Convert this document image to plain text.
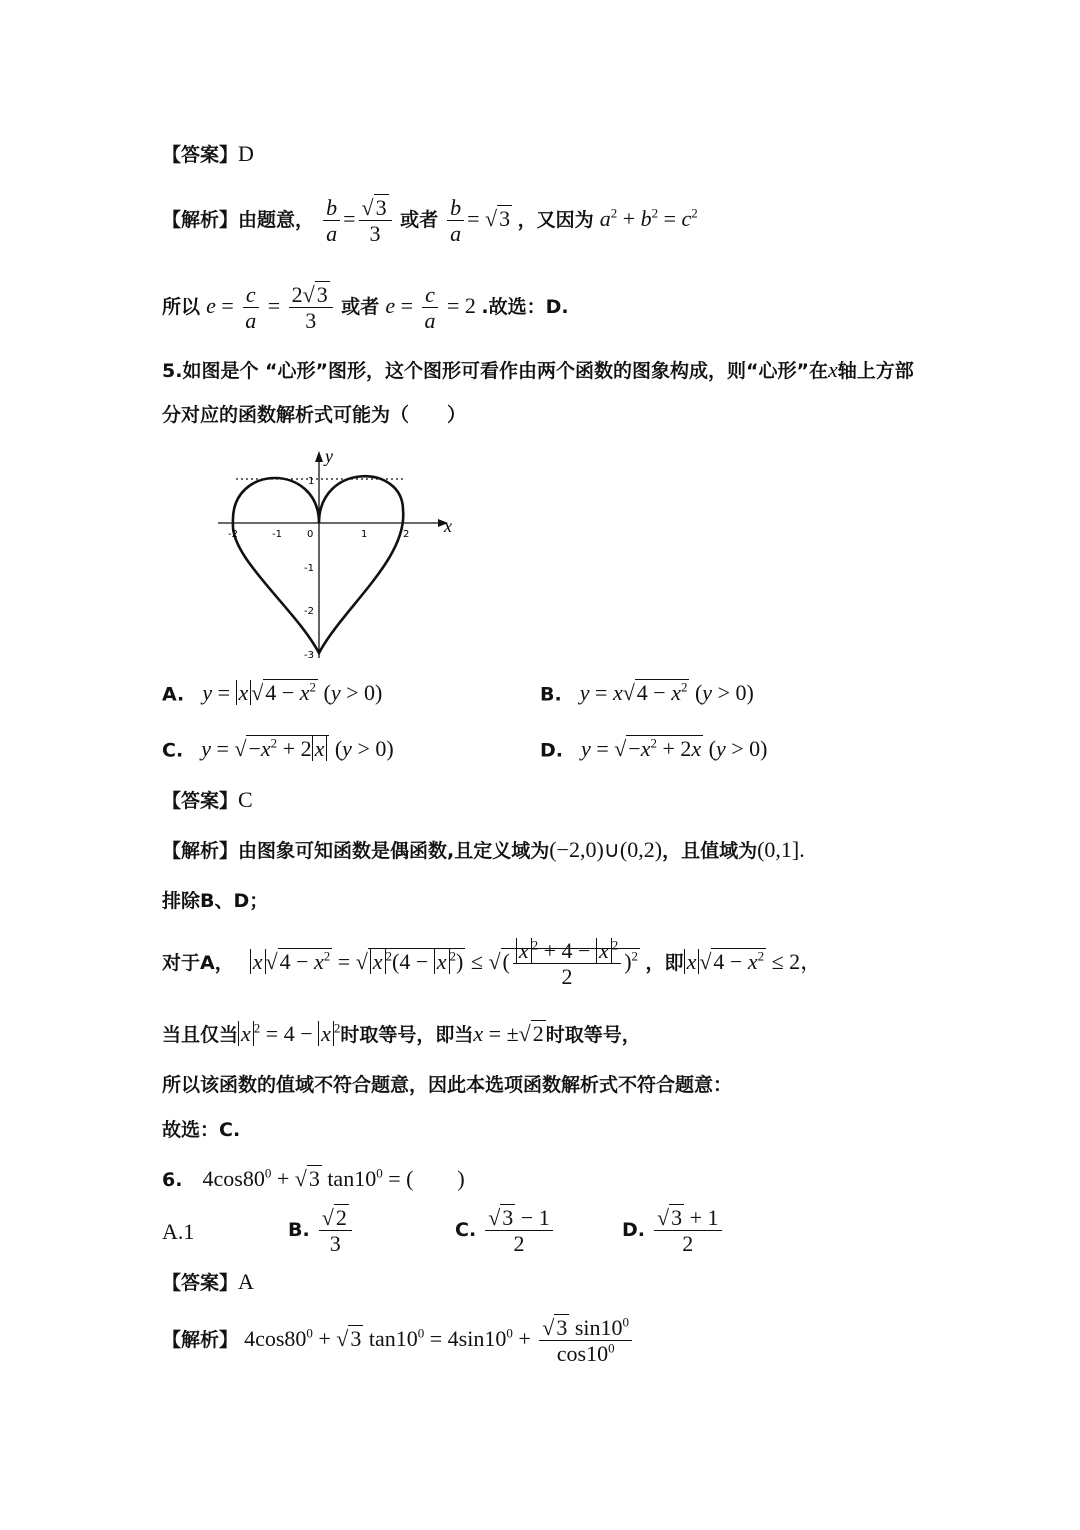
【答案】D
【解析】由题意， $\frac{b}{a} = \frac{√3}{3}$ 或者 $\frac{b}{a} = √3$ ，又因为 $a^2 + b^2 = c^2$
所以 $e = \frac{c}{a} = \frac{2√3}{3}$ 或者 $e = \frac{c}{a} = 2$ .故选：D.
5.如图是个 “心形”图形，这个图形可看作由两个函数的图象构成，则“心形”在x轴上方部
分对应的函数解析式可能为（　　）
x
y
-2	-1	0	1	2
1
-1
-2
-3
A. y = x $√4 - x^2$ (y > 0)	B. $y = x√4 - x^2$ (y > 0)
C. $y = √-x^2 + 2$ x (y > 0)	D. $y = √-x^2 + 2x$ (y > 0)
【答案】C
【解析】由图象可知函数是偶函数,且定义域为(−2,0)∪(0,2)，且值域为(0,1].
排除B、D；
对于A， x $√4 - x^2$ = √ x $^2$(4 − x $^2$) ≤ √( $\frac{x ^2 + 4 - x ^2}{2} )^2$ ，即 x $√4 - x^2 \le 2$，
当且仅当 x $^2$ = 4 − x $^2$时取等号，即当x = ±√2 时取等号，
所以该函数的值域不符合题意，因此本选项函数解析式不符合题意：
故选：C.
6. $4\cos 80^0 + √3$ $\tan 10^0$ = (　　)
A.1	B. $\frac{√2}{3}$	C. $\frac{√3 - 1}{2}$	D. $\frac{√3 + 1}{2}$
【答案】A
【解析】 $4\cos 80^0 + √3$ $\tan 10^0 = 4\sin 10^0 + \frac{√3 \sin 10^0}{\cos 10^0}$
